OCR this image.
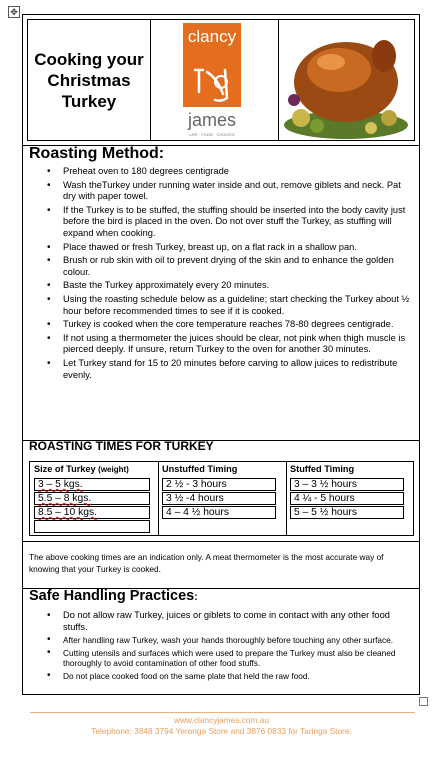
✥
Cooking your Christmas Turkey
clancy
james
LIFE · FOOD · CHOICES
Roasting Method:
• Preheat oven to 180 degrees centigrade
• Wash theTurkey under running water inside and out, remove giblets and neck. Pat dry with paper towel.
• If the Turkey is to be stuffed, the stuffing should be inserted into the body cavity just before the bird is placed in the oven. Do not over stuff the Turkey, as stuffing will expand when cooking.
• Place thawed or fresh Turkey, breast up, on a flat rack in a shallow pan.
• Brush or rub skin with oil to prevent drying of the skin and to enhance the golden colour.
• Baste the Turkey approximately every 20 minutes.
• Using the roasting schedule below as a guideline; start checking the Turkey about ½ hour before recommended times to see if it is cooked.
• Turkey is cooked when the core temperature reaches 78-80 degrees centigrade.
• If not using a thermometer the juices should be clear, not pink when thigh muscle is pierced deeply. If unsure, return Turkey to the oven for another 30 minutes.
• Let Turkey stand for 15 to 20 minutes before carving to allow juices to redistribute evenly.
ROASTING TIMES FOR TURKEY
Size of Turkey (weight)
3 – 5 kgs.
5.5 – 8 kgs.
8.5 – 10 kgs.
Unstuffed Timing
2 ½ - 3 hours
3 ½ -4 hours
4 – 4 ½ hours
Stuffed Timing
3 – 3 ½ hours
4 ¼ - 5 hours
5 – 5 ½ hours

The above cooking times are an indication only. A meat thermometer is the most accurate way of knowing that your Turkey is cooked.

Safe Handling Practices:
• Do not allow raw Turkey, juices or giblets to come in contact with any other food stuffs.
• After handling raw Turkey, wash your hands thoroughly before touching any other surface.
• Cutting utensils and surfaces which were used to prepare the Turkey must also be cleaned thoroughly to avoid contamination of other food stuffs.
• Do not place cooked food on the same plate that held the raw food.
www.clancyjames.com.au
Telephone: 3848 3794 Yeronga Store and 3876 0833 for Taringa Store.
